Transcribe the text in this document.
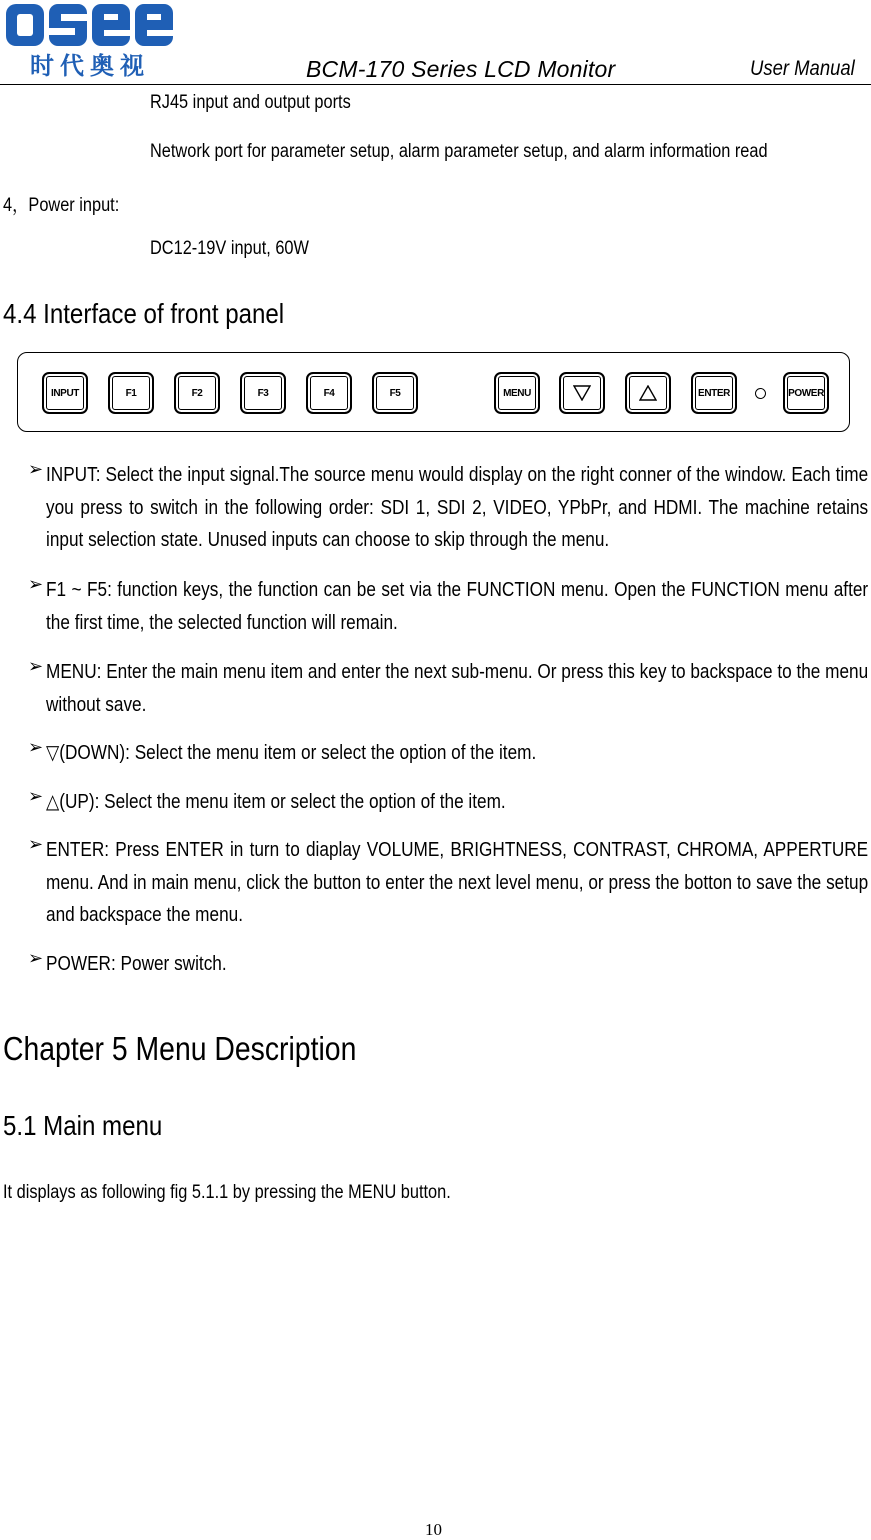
时代奥视	BCM-170 Series LCD Monitor	User Manual
RJ45 input and output ports
Network port for parameter setup, alarm parameter setup, and alarm information read
4，Power input:
DC12-19V input, 60W
4.4 Interface of front panel
INPUT	F1	F2	F3	F4	F5	MENU	ENTER	POWER
➢ INPUT: Select the input signal.The source menu would display on the right conner of the window. Each time you press to switch in the following order: SDI 1, SDI 2, VIDEO, YPbPr, and HDMI. The machine retains input selection state. Unused inputs can choose to skip through the menu.
➢ F1 ~ F5: function keys, the function can be set via the FUNCTION menu. Open the FUNCTION menu after the first time, the selected function will remain.
➢ MENU: Enter the main menu item and enter the next sub-menu. Or press this key to backspace to the menu without save.
➢ ▽(DOWN): Select the menu item or select the option of the item.
➢ △(UP): Select the menu item or select the option of the item.
➢ ENTER: Press ENTER in turn to diaplay VOLUME, BRIGHTNESS, CONTRAST, CHROMA, APPERTURE menu. And in main menu, click the button to enter the next level menu, or press the botton to save the setup and backspace the menu.
➢ POWER: Power switch.
Chapter 5 Menu Description
5.1 Main menu
It displays as following fig 5.1.1 by pressing the MENU button.
10
